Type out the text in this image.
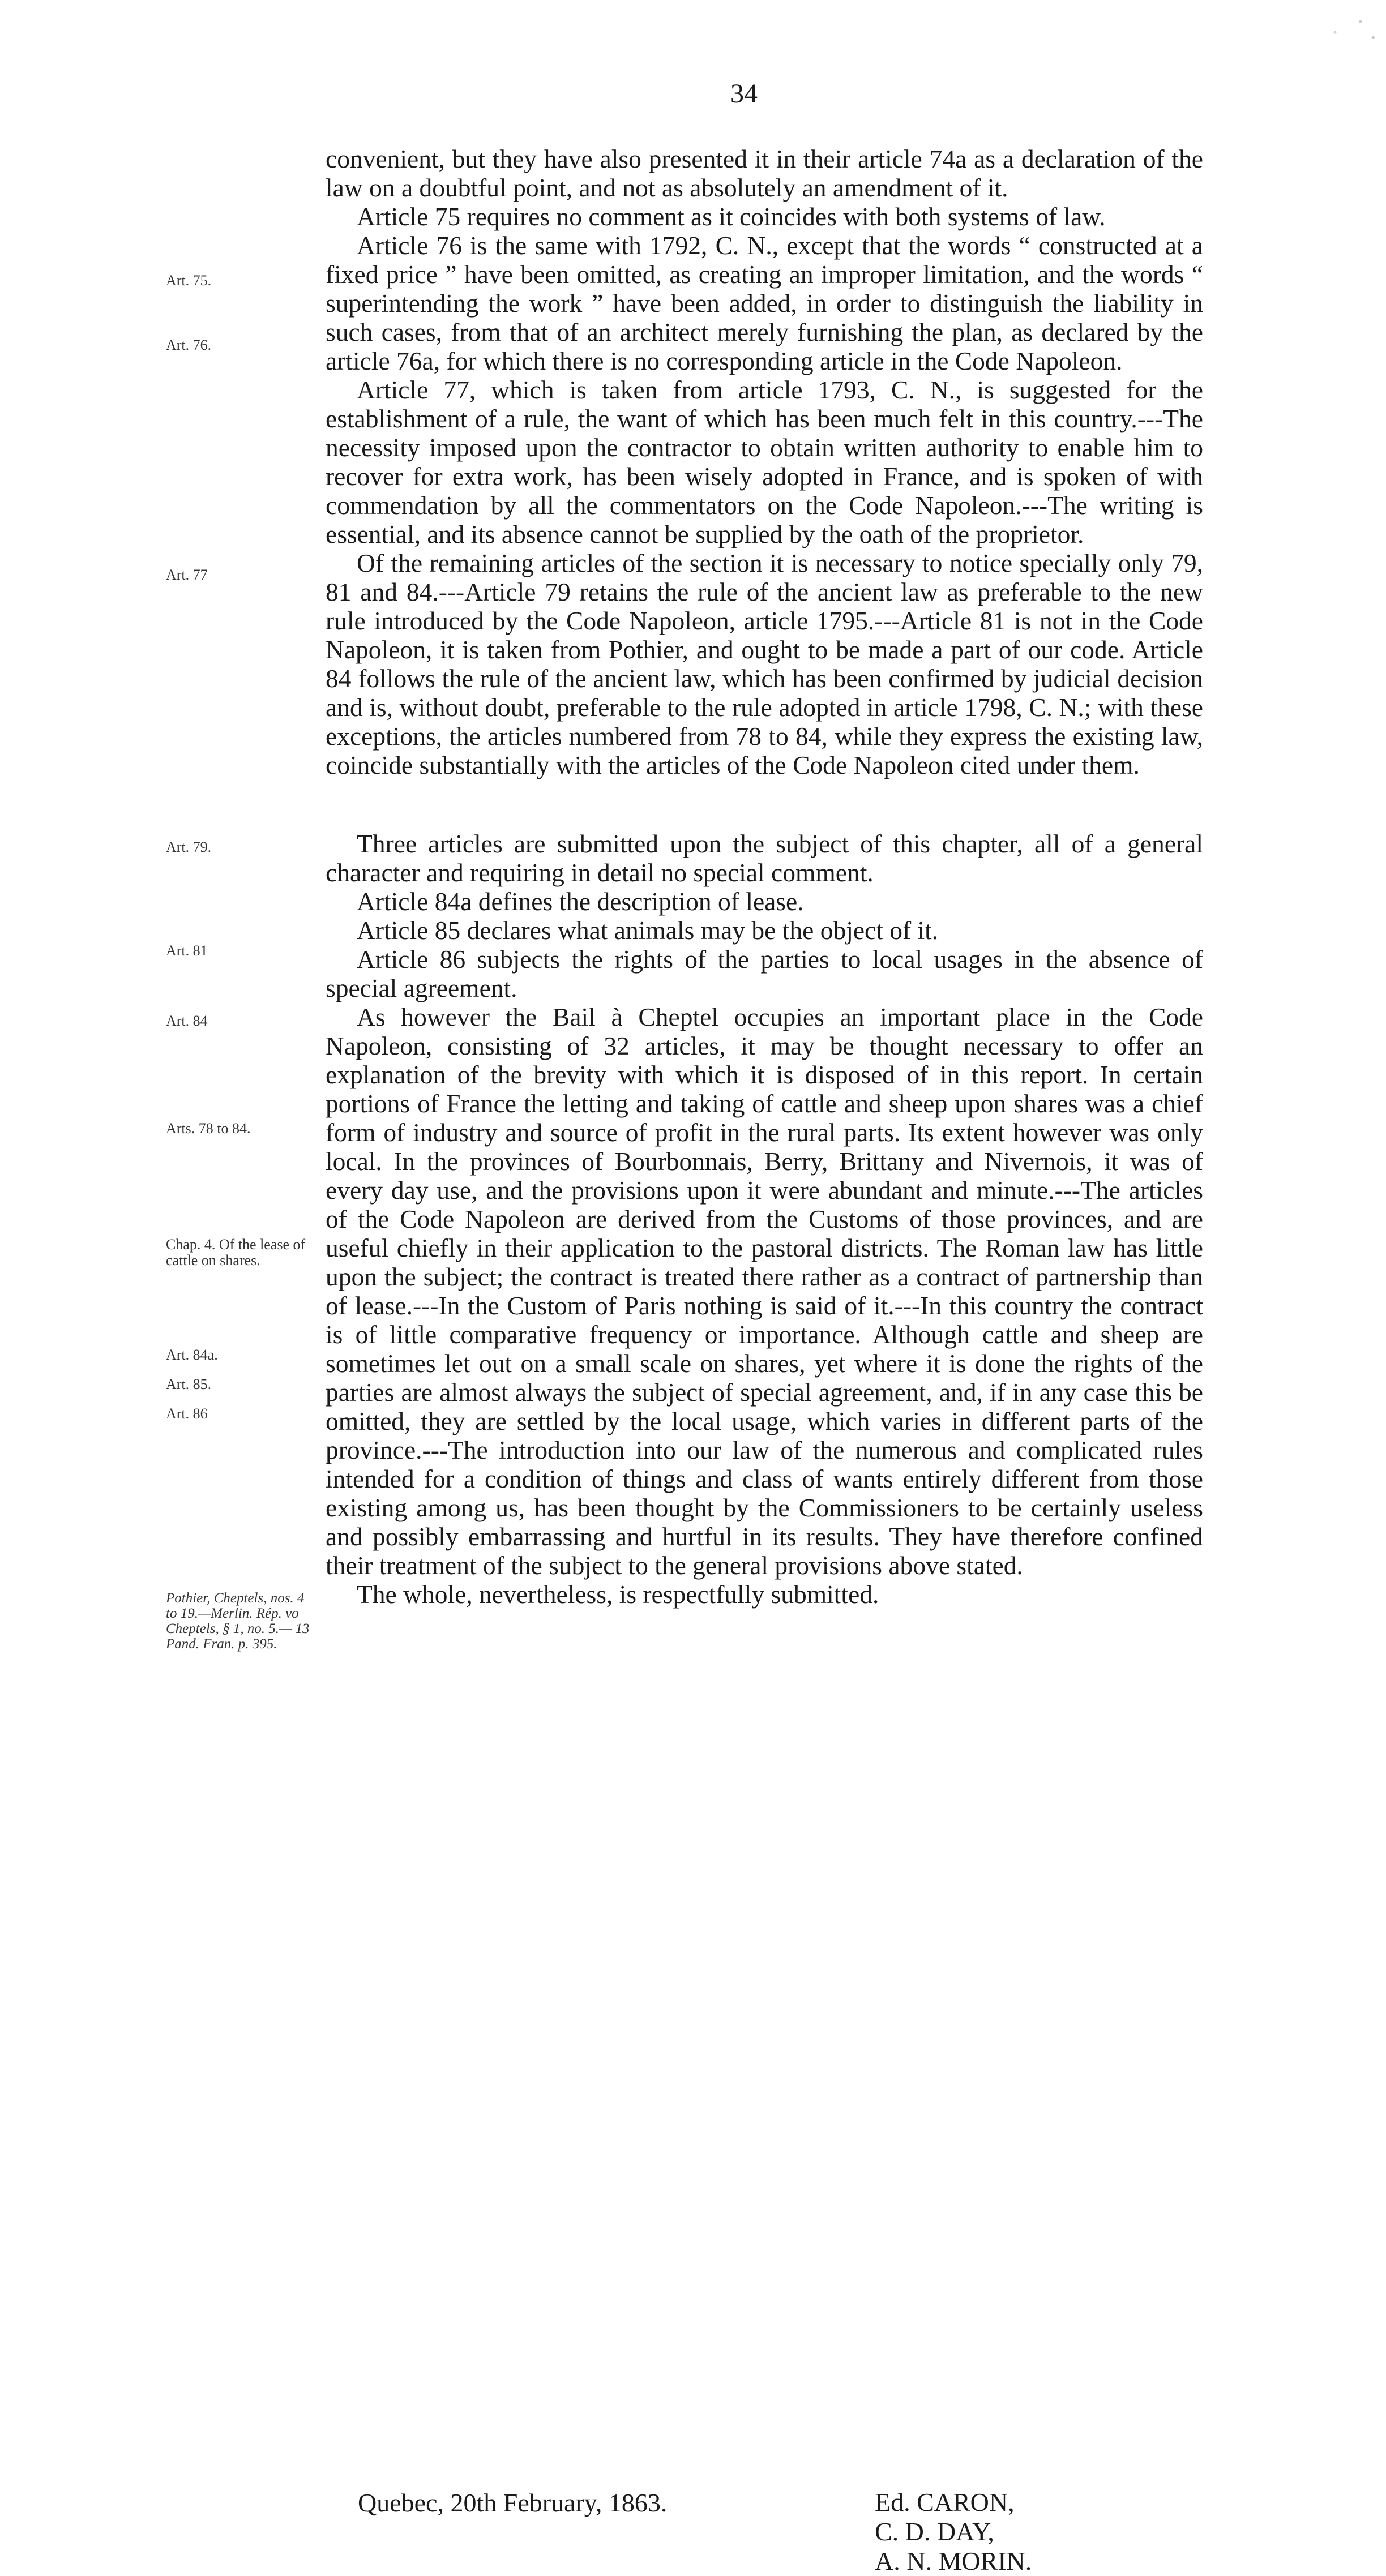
34
Art. 75.
Art. 76.
Art. 77
Art. 79.
Art. 81
Art. 84
Arts. 78 to 84.
Chap. 4. Of the lease of cattle on shares.
Art. 84a.
Art. 85.
Art. 86
Pothier, Cheptels, nos. 4 to 19.—Merlin. Rép. vo Cheptels, § 1, no. 5.— 13 Pand. Fran. p. 395.

convenient, but they have also presented it in their article 74a as a declaration of the law on a doubtful point, and not as absolutely an amendment of it.

Article 75 requires no comment as it coincides with both systems of law.

Article 76 is the same with 1792, C. N., except that the words “ constructed at a fixed price ” have been omitted, as creating an improper limitation, and the words “ superintending the work ” have been added, in order to distinguish the liability in such cases, from that of an architect merely furnishing the plan, as declared by the article 76a, for which there is no corresponding article in the Code Napoleon.

Article 77, which is taken from article 1793, C. N., is suggested for the establishment of a rule, the want of which has been much felt in this country.---The necessity imposed upon the contractor to obtain written authority to enable him to recover for extra work, has been wisely adopted in France, and is spoken of with commendation by all the commentators on the Code Napoleon.---The writing is essential, and its absence cannot be supplied by the oath of the proprietor.

Of the remaining articles of the section it is necessary to notice specially only 79, 81 and 84.---Article 79 retains the rule of the ancient law as preferable to the new rule introduced by the Code Napoleon, article 1795.---Article 81 is not in the Code Napoleon, it is taken from Pothier, and ought to be made a part of our code. Article 84 follows the rule of the ancient law, which has been confirmed by judicial decision and is, without doubt, preferable to the rule adopted in article 1798, C. N.; with these exceptions, the articles numbered from 78 to 84, while they express the existing law, coincide substantially with the articles of the Code Napoleon cited under them.

Three articles are submitted upon the subject of this chapter, all of a general character and requiring in detail no special comment.

Article 84a defines the description of lease.

Article 85 declares what animals may be the object of it.

Article 86 subjects the rights of the parties to local usages in the absence of special agreement.

As however the Bail à Cheptel occupies an important place in the Code Napoleon, consisting of 32 articles, it may be thought necessary to offer an explanation of the brevity with which it is disposed of in this report. In certain portions of France the letting and taking of cattle and sheep upon shares was a chief form of industry and source of profit in the rural parts. Its extent however was only local. In the provinces of Bourbonnais, Berry, Brittany and Nivernois, it was of every day use, and the provisions upon it were abundant and minute.---The articles of the Code Napoleon are derived from the Customs of those provinces, and are useful chiefly in their application to the pastoral districts. The Roman law has little upon the subject; the contract is treated there rather as a contract of partnership than of lease.---In the Custom of Paris nothing is said of it.---In this country the contract is of little comparative frequency or importance. Although cattle and sheep are sometimes let out on a small scale on shares, yet where it is done the rights of the parties are almost always the subject of special agreement, and, if in any case this be omitted, they are settled by the local usage, which varies in different parts of the province.---The introduction into our law of the numerous and complicated rules intended for a condition of things and class of wants entirely different from those existing among us, has been thought by the Commissioners to be certainly useless and possibly embarrassing and hurtful in its results. They have therefore confined their treatment of the subject to the general provisions above stated.

The whole, nevertheless, is respectfully submitted.

Quebec, 20th February, 1863.	Ed. CARON,
C. D. DAY,
A. N. MORIN.
